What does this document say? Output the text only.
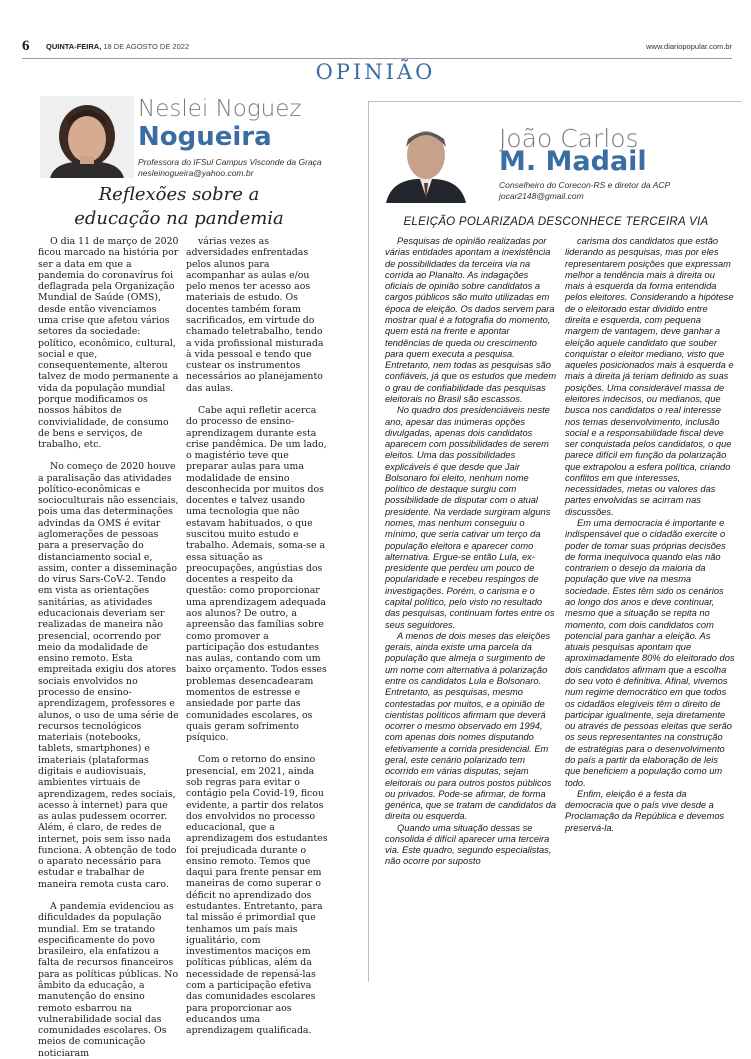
6 QUINTA-FEIRA, 18 DE AGOSTO DE 2022	www.diariopopular.com.br
OPINIÃO
Neslei Noguez
Nogueira
Professora do IFSul Campus Visconde da Graça
nesleinogueira@yahoo.com.br
Reflexões sobre a
educação na pandemia

O dia 11 de março de 2020 ficou marcado na história por ser a data em que a pandemia do coronavírus foi deflagrada pela Organização Mundial de Saúde (OMS), desde então vivenciamos uma crise que afetou vários setores da sociedade: político, econômico, cultural, social e que, consequentemente, alterou talvez de modo permanente a vida da população mundial porque modificamos os nossos hábitos de convivialidade, de consumo de bens e serviços, de trabalho, etc.

No começo de 2020 houve a paralisação das atividades político-econômicas e socioculturais não essenciais, pois uma das determinações advindas da OMS é evitar aglomerações de pessoas para a preservação do distanciamento social e, assim, conter a disseminação do vírus Sars-CoV-2. Tendo em vista as orientações sanitárias, as atividades educacionais deveriam ser realizadas de maneira não presencial, ocorrendo por meio da modalidade de ensino remoto. Esta empreitada exigiu dos atores sociais envolvidos no processo de ensino-aprendizagem, professores e alunos, o uso de uma série de recursos tecnológicos materiais (notebooks, tablets, smartphones) e imateriais (plataformas digitais e audiovisuais, ambientes virtuais de aprendizagem, redes sociais, acesso à internet) para que as aulas pudessem ocorrer. Além, é claro, de redes de internet, pois sem isso nada funciona. A obtenção de todo o aparato necessário para estudar e trabalhar de maneira remota custa caro.

A pandemia evidenciou as dificuldades da população mundial. Em se tratando especificamente do povo brasileiro, ela enfatizou a falta de recursos financeiros para as políticas públicas. No âmbito da educação, a manutenção do ensino remoto esbarrou na vulnerabilidade social das comunidades escolares. Os meios de comunicação noticiaram

várias vezes as adversidades enfrentadas pelos alunos para acompanhar as aulas e/ou pelo menos ter acesso aos materiais de estudo. Os docentes também foram sacrificados, em virtude do chamado teletrabalho, tendo a vida profissional misturada à vida pessoal e tendo que custear os instrumentos necessários ao planejamento das aulas.

Cabe aqui refletir acerca do processo de ensino-aprendizagem durante esta crise pandêmica. De um lado, o magistério teve que preparar aulas para uma modalidade de ensino desconhecida por muitos dos docentes e talvez usando uma tecnologia que não estavam habituados, o que suscitou muito estudo e trabalho. Ademais, soma-se a essa situação as preocupações, angústias dos docentes a respeito da questão: como proporcionar uma aprendizagem adequada aos alunos? De outro, a apreensão das famílias sobre como promover a participação dos estudantes nas aulas, contando com um baixo orçamento. Todos esses problemas desencadearam momentos de estresse e ansiedade por parte das comunidades escolares, os quais geram sofrimento psíquico.

Com o retorno do ensino presencial, em 2021, ainda sob regras para evitar o contágio pela Covid-19, ficou evidente, a partir dos relatos dos envolvidos no processo educacional, que a aprendizagem dos estudantes foi prejudicada durante o ensino remoto. Temos que daqui para frente pensar em maneiras de como superar o déficit no aprendizado dos estudantes. Entretanto, para tal missão é primordial que tenhamos um país mais igualitário, com investimentos maciços em políticas públicas, além da necessidade de repensá-las com a participação efetiva das comunidades escolares para proporcionar aos educandos uma aprendizagem qualificada.

João Carlos
M. Madail
Conselheiro do Corecon-RS e diretor da ACP
jocar2148@gmail.com
ELEIÇÃO POLARIZADA DESCONHECE TERCEIRA VIA

Pesquisas de opinião realizadas por várias entidades apontam a inexistência de possibilidades da terceira via na corrida ao Planalto. As indagações oficiais de opinião sobre candidatos a cargos públicos são muito utilizadas em época de eleição. Os dados servem para mostrar qual é a fotografia do momento, quem está na frente e apontar tendências de queda ou crescimento para quem executa a pesquisa. Entretanto, nem todas as pesquisas são confiáveis, já que os estudos que medem o grau de confiabilidade das pesquisas eleitorais no Brasil são escassos.

No quadro dos presidenciáveis neste ano, apesar das inúmeras opções divulgadas, apenas dois candidatos aparecem com possibilidades de serem eleitos. Uma das possibilidades explicáveis é que desde que Jair Bolsonaro foi eleito, nenhum nome político de destaque surgiu com possibilidade de disputar com o atual presidente. Na verdade surgiram alguns nomes, mas nenhum conseguiu o mínimo, que seria cativar um terço da população eleitora e aparecer como alternativa. Ergue-se então Lula, ex-presidente que perdeu um pouco de popularidade e recebeu respingos de investigações. Porém, o carisma e o capital político, pelo visto no resultado das pesquisas, continuam fortes entre os seus seguidores.

A menos de dois meses das eleições gerais, ainda existe uma parcela da população que almeja o surgimento de um nome com alternativa à polarização entre os candidatos Lula e Bolsonaro. Entretanto, as pesquisas, mesmo contestadas por muitos, e a opinião de cientistas políticos afirmam que deverá ocorrer o mesmo observado em 1994, com apenas dois nomes disputando efetivamente a corrida presidencial. Em geral, este cenário polarizado tem ocorrido em várias disputas, sejam eleitorais ou para outros postos públicos ou privados. Pode-se afirmar, de forma genérica, que se tratam de candidatos da direita ou esquerda.

Quando uma situação dessas se consolida é difícil aparecer uma terceira via. Este quadro, segundo especialistas, não ocorre por suposto

carisma dos candidatos que estão liderando as pesquisas, mas por eles representarem posições que expressam melhor a tendência mais à direita ou mais à esquerda da forma entendida pelos eleitores. Considerando a hipótese de o eleitorado estar dividido entre direita e esquerda, com pequena margem de vantagem, deve ganhar a eleição aquele candidato que souber conquistar o eleitor mediano, visto que aqueles posicionados mais à esquerda e mais à direita já teriam definido as suas posições. Uma considerável massa de eleitores indecisos, ou medianos, que busca nos candidatos o real interesse nos temas desenvolvimento, inclusão social e a responsabilidade fiscal deve ser conquistada pelos candidatos, o que parece difícil em função da polarização que extrapolou a esfera política, criando conflitos em que interesses, necessidades, metas ou valores das partes envolvidas se acirram nas discussões.

Em uma democracia é importante e indispensável que o cidadão exercite o poder de tomar suas próprias decisões de forma inequívoca quando elas não contrariem o desejo da maioria da população que vive na mesma sociedade. Estes têm sido os cenários ao longo dos anos e deve continuar, mesmo que a situação se repita no momento, com dois candidatos com potencial para ganhar a eleição. As atuais pesquisas apontam que aproximadamente 80% do eleitorado dos dois candidatos afirmam que a escolha do seu voto é definitiva. Afinal, vivemos num regime democrático em que todos os cidadãos elegíveis têm o direito de participar igualmente, seja diretamente ou através de pessoas eleitas que serão os seus representantes na construção de estratégias para o desenvolvimento do país a partir da elaboração de leis que beneficiem a população como um todo.

Enfim, eleição é a festa da democracia que o país vive desde a Proclamação da República e devemos preservá-la.
